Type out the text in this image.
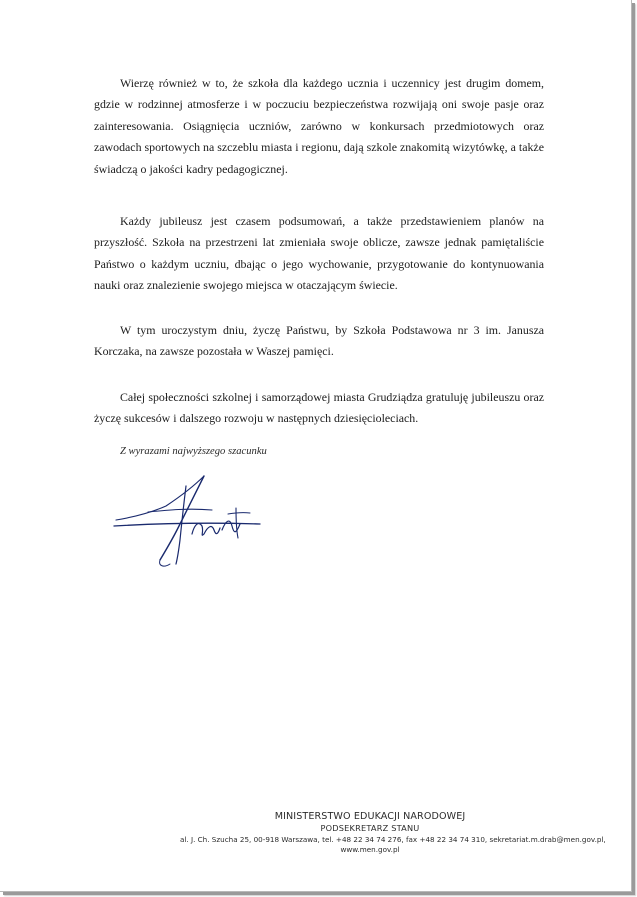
Wierzę również w to, że szkoła dla każdego ucznia i uczennicy jest drugim domem, gdzie w rodzinnej atmosferze i w poczuciu bezpieczeństwa rozwijają oni swoje pasje oraz zainteresowania. Osiągnięcia uczniów, zarówno w konkursach przedmiotowych oraz zawodach sportowych na szczeblu miasta i regionu, dają szkole znakomitą wizytówkę, a także świadczą o jakości kadry pedagogicznej.

Każdy jubileusz jest czasem podsumowań, a także przedstawieniem planów na przyszłość. Szkoła na przestrzeni lat zmieniała swoje oblicze, zawsze jednak pamiętaliście Państwo o każdym uczniu, dbając o jego wychowanie, przygotowanie do kontynuowania nauki oraz znalezienie swojego miejsca w otaczającym świecie.

W tym uroczystym dniu, życzę Państwu, by Szkoła Podstawowa nr 3 im. Janusza Korczaka, na zawsze pozostała w Waszej pamięci.

Całej społeczności szkolnej i samorządowej miasta Grudziądza gratuluję jubileuszu oraz życzę sukcesów i dalszego rozwoju w następnych dziesięcioleciach.

Z wyrazami najwyższego szacunku
MINISTERSTWO EDUKACJI NARODOWEJ
PODSEKRETARZ STANU
al. J. Ch. Szucha 25, 00-918 Warszawa, tel. +48 22 34 74 276, fax +48 22 34 74 310, sekretariat.m.drab@men.gov.pl,
www.men.gov.pl
